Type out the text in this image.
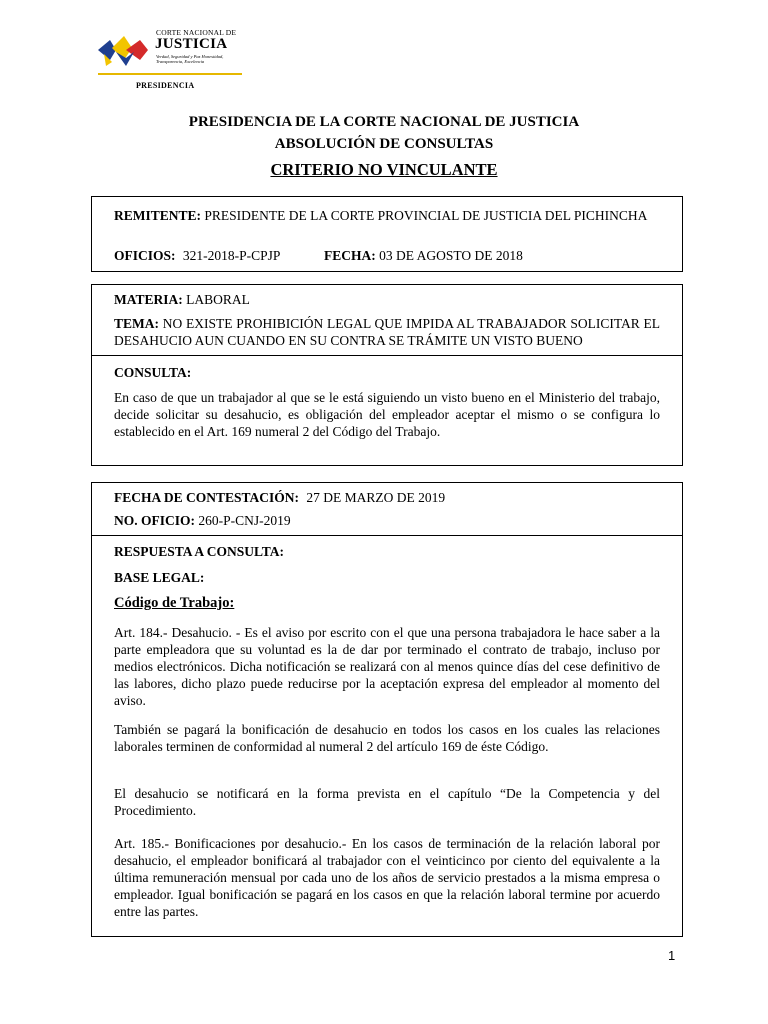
CORTE NACIONAL DE
JUSTICIA
Verdad, Seguridad y Paz Honestidad, Transparencia, Excelencia
PRESIDENCIA
PRESIDENCIA DE LA CORTE NACIONAL DE JUSTICIA
ABSOLUCIÓN DE CONSULTAS
CRITERIO NO VINCULANTE
REMITENTE: PRESIDENTE DE LA CORTE PROVINCIAL DE JUSTICIA DEL PICHINCHA
OFICIOS: 321-2018-P-CPJP	FECHA: 03 DE AGOSTO DE 2018
MATERIA: LABORAL
TEMA: NO EXISTE PROHIBICIÓN LEGAL QUE IMPIDA AL TRABAJADOR SOLICITAR EL DESAHUCIO AUN CUANDO EN SU CONTRA SE TRÁMITE UN VISTO BUENO
CONSULTA:
En caso de que un trabajador al que se le está siguiendo un visto bueno en el Ministerio del trabajo, decide solicitar su desahucio, es obligación del empleador aceptar el mismo o se configura lo establecido en el Art. 169 numeral 2 del Código del Trabajo.
FECHA DE CONTESTACIÓN: 27 DE MARZO DE 2019
NO. OFICIO: 260-P-CNJ-2019
RESPUESTA A CONSULTA:
BASE LEGAL:
Código de Trabajo:
Art. 184.- Desahucio. - Es el aviso por escrito con el que una persona trabajadora le hace saber a la parte empleadora que su voluntad es la de dar por terminado el contrato de trabajo, incluso por medios electrónicos. Dicha notificación se realizará con al menos quince días del cese definitivo de las labores, dicho plazo puede reducirse por la aceptación expresa del empleador al momento del aviso.
También se pagará la bonificación de desahucio en todos los casos en los cuales las relaciones laborales terminen de conformidad al numeral 2 del artículo 169 de éste Código.
El desahucio se notificará en la forma prevista en el capítulo “De la Competencia y del Procedimiento.
Art. 185.- Bonificaciones por desahucio.- En los casos de terminación de la relación laboral por desahucio, el empleador bonificará al trabajador con el veinticinco por ciento del equivalente a la última remuneración mensual por cada uno de los años de servicio prestados a la misma empresa o empleador. Igual bonificación se pagará en los casos en que la relación laboral termine por acuerdo entre las partes.
1
